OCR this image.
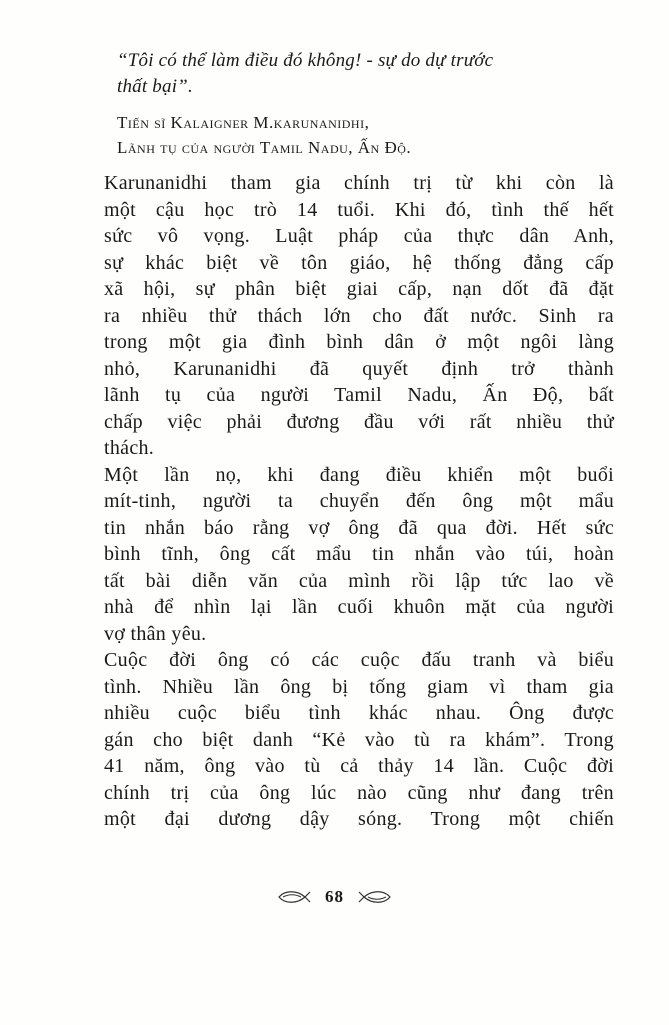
“Tôi có thể làm điều đó không! - sự do dự trước
thất bại”.

Tiến sĩ Kalaigner M.karunanidhi,
Lãnh tụ của người Tamil Nadu, Ấn Độ.

Karunanidhi tham gia chính trị từ khi còn là
một cậu học trò 14 tuổi. Khi đó, tình thế hết
sức vô vọng. Luật pháp của thực dân Anh,
sự khác biệt về tôn giáo, hệ thống đẳng cấp
xã hội, sự phân biệt giai cấp, nạn dốt đã đặt
ra nhiều thử thách lớn cho đất nước. Sinh ra
trong một gia đình bình dân ở một ngôi làng
nhỏ, Karunanidhi đã quyết định trở thành
lãnh tụ của người Tamil Nadu, Ấn Độ, bất
chấp việc phải đương đầu với rất nhiều thử
thách.

Một lần nọ, khi đang điều khiển một buổi
mít-tinh, người ta chuyển đến ông một mẩu
tin nhắn báo rằng vợ ông đã qua đời. Hết sức
bình tĩnh, ông cất mẩu tin nhắn vào túi, hoàn
tất bài diễn văn của mình rồi lập tức lao về
nhà để nhìn lại lần cuối khuôn mặt của người
vợ thân yêu.

Cuộc đời ông có các cuộc đấu tranh và biểu
tình. Nhiều lần ông bị tống giam vì tham gia
nhiều cuộc biểu tình khác nhau. Ông được
gán cho biệt danh “Kẻ vào tù ra khám”. Trong
41 năm, ông vào tù cả thảy 14 lần. Cuộc đời
chính trị của ông lúc nào cũng như đang trên
một đại dương dậy sóng. Trong một chiến

68
